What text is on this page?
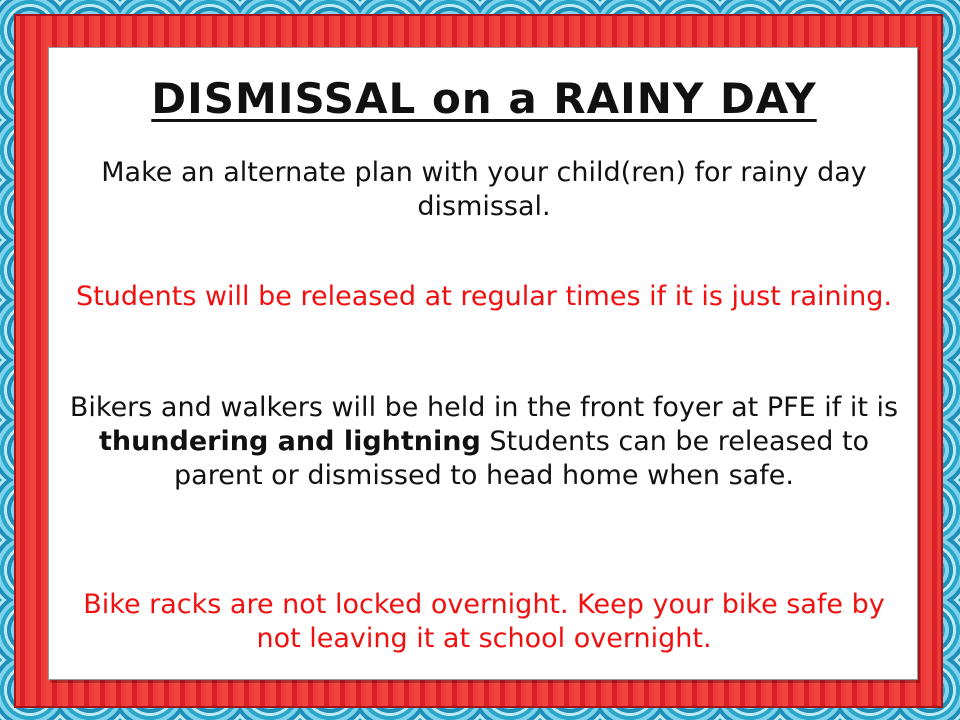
DISMISSAL on a RAINY DAY
Make an alternate plan with your child(ren) for rainy day dismissal.
Students will be released at regular times if it is just raining.
Bikers and walkers will be held in the front foyer at PFE if it is thundering and lightning Students can be released to parent or dismissed to head home when safe.
Bike racks are not locked overnight. Keep your bike safe by not leaving it at school overnight.
